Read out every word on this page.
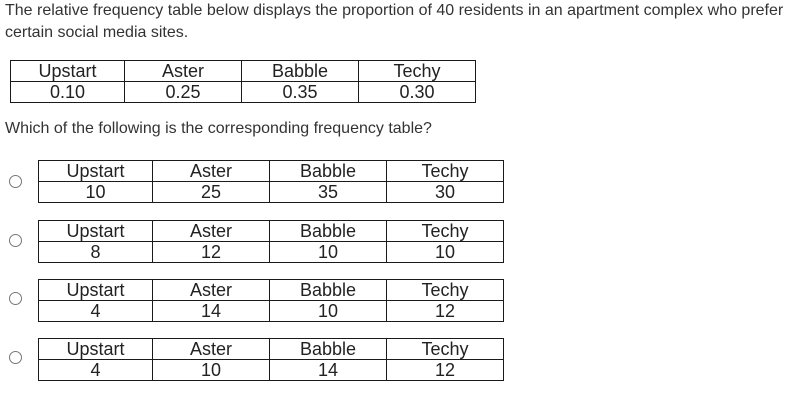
The relative frequency table below displays the proportion of 40 residents in an apartment complex who prefer certain social media sites.
Upstart	Aster	Babble	Techy
0.10	0.25	0.35	0.30
Which of the following is the corresponding frequency table?
Upstart	Aster	Babble	Techy
10	25	35	30
Upstart	Aster	Babble	Techy
8	12	10	10
Upstart	Aster	Babble	Techy
4	14	10	12
Upstart	Aster	Babble	Techy
4	10	14	12
